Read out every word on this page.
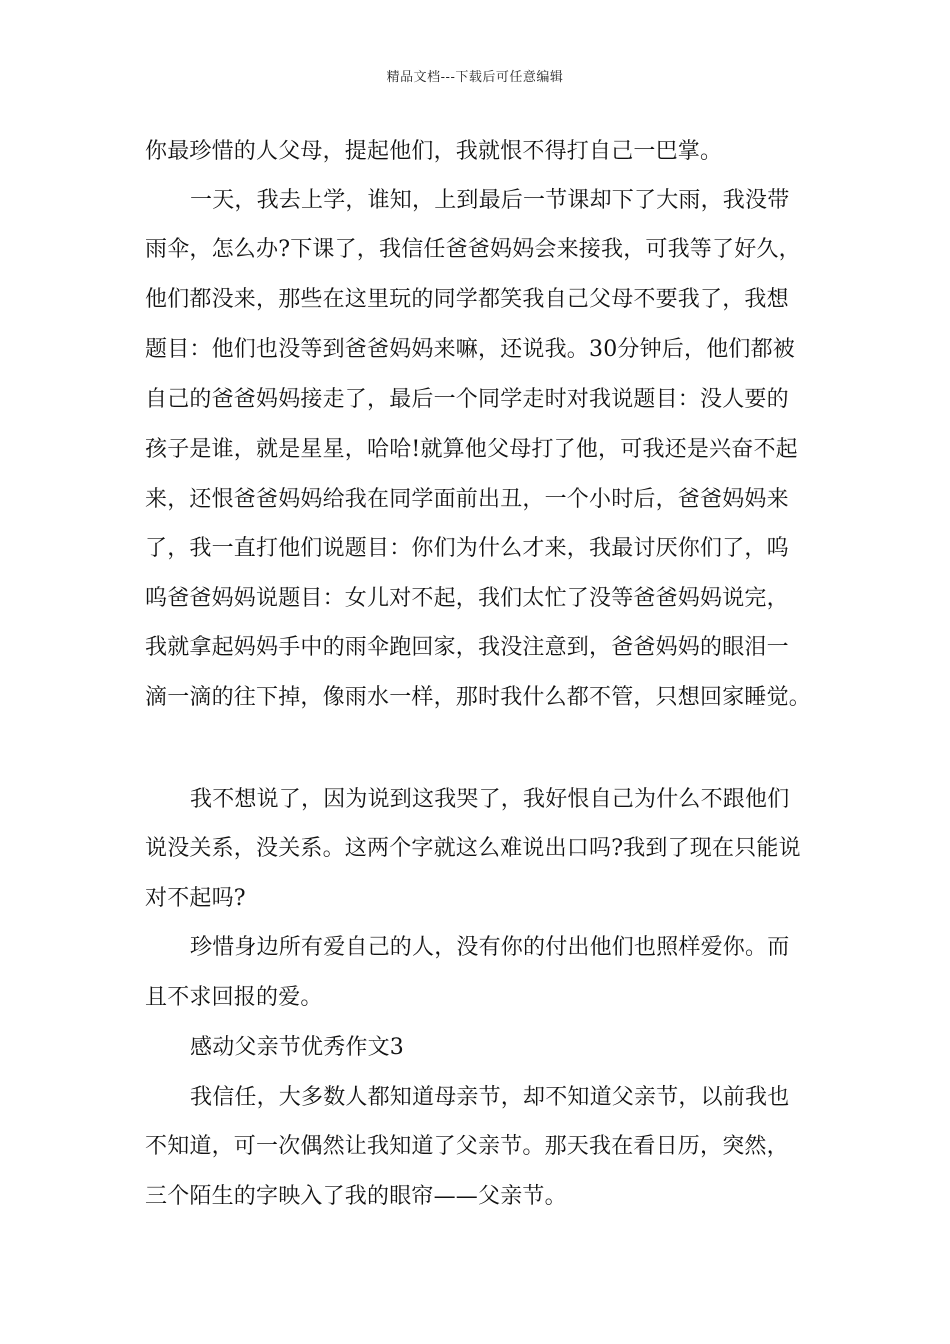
精品文档---下载后可任意编辑
你最珍惜的人父母，提起他们，我就恨不得打自己一巴掌。
一天，我去上学，谁知，上到最后一节课却下了大雨，我没带
雨伞，怎么办?下课了，我信任爸爸妈妈会来接我，可我等了好久，
他们都没来，那些在这里玩的同学都笑我自己父母不要我了，我想
题目：他们也没等到爸爸妈妈来嘛，还说我。30分钟后，他们都被
自己的爸爸妈妈接走了，最后一个同学走时对我说题目：没人要的
孩子是谁，就是星星，哈哈!就算他父母打了他，可我还是兴奋不起
来，还恨爸爸妈妈给我在同学面前出丑，一个小时后，爸爸妈妈来
了，我一直打他们说题目：你们为什么才来，我最讨厌你们了，呜
呜爸爸妈妈说题目：女儿对不起，我们太忙了没等爸爸妈妈说完，
我就拿起妈妈手中的雨伞跑回家，我没注意到，爸爸妈妈的眼泪一
滴一滴的往下掉，像雨水一样，那时我什么都不管，只想回家睡觉。
我不想说了，因为说到这我哭了，我好恨自己为什么不跟他们
说没关系，没关系。这两个字就这么难说出口吗?我到了现在只能说
对不起吗?
珍惜身边所有爱自己的人，没有你的付出他们也照样爱你。而
且不求回报的爱。
感动父亲节优秀作文3
我信任，大多数人都知道母亲节，却不知道父亲节，以前我也
不知道，可一次偶然让我知道了父亲节。那天我在看日历，突然，
三个陌生的字映入了我的眼帘——父亲节。
